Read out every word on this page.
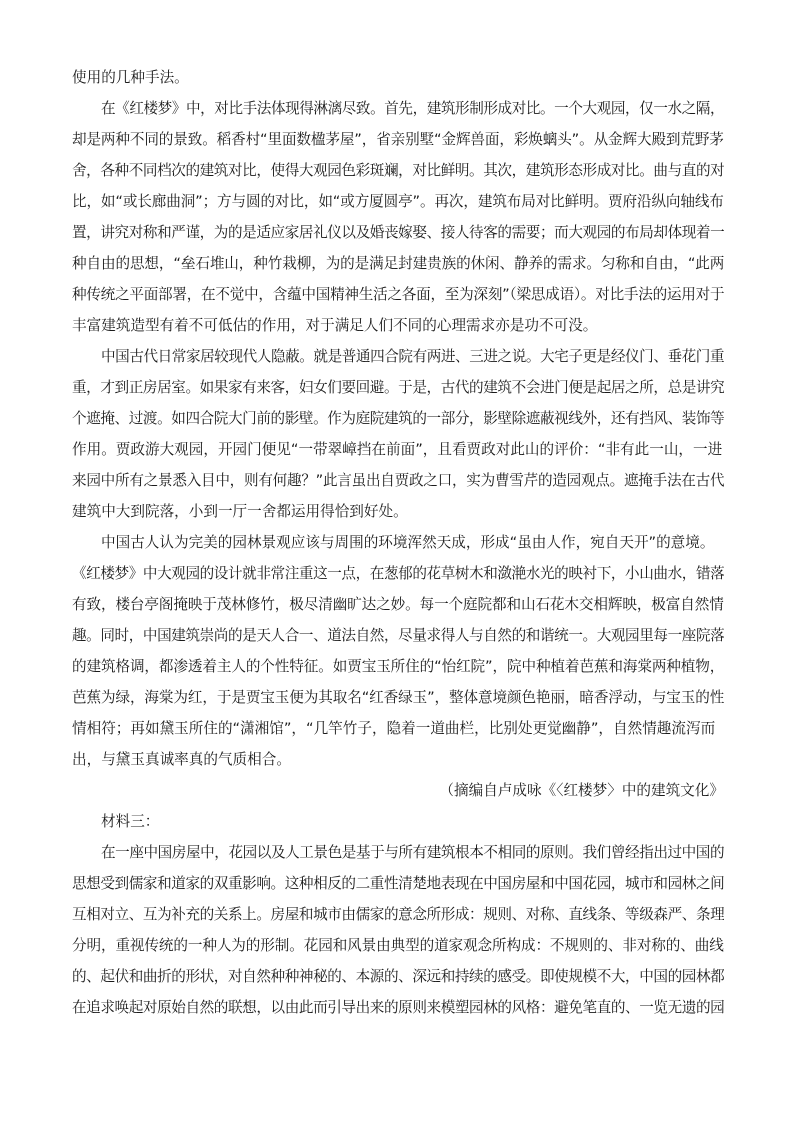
使用的几种手法。
在《红楼梦》中，对比手法体现得淋漓尽致。首先，建筑形制形成对比。一个大观园，仅一水之隔，
却是两种不同的景致。稻香村“里面数楹茅屋”，省亲别墅“金辉兽面，彩焕螭头”。从金辉大殿到荒野茅
舍，各种不同档次的建筑对比，使得大观园色彩斑斓，对比鲜明。其次，建筑形态形成对比。曲与直的对
比，如“或长廊曲洞”；方与圆的对比，如“或方厦圆亭”。再次，建筑布局对比鲜明。贾府沿纵向轴线布
置，讲究对称和严谨，为的是适应家居礼仪以及婚丧嫁娶、接人待客的需要；而大观园的布局却体现着一
种自由的思想，“垒石堆山，种竹栽柳，为的是满足封建贵族的休闲、静养的需求。匀称和自由，“此两
种传统之平面部署，在不觉中，含蕴中国精神生活之各面，至为深刻”（梁思成语）。对比手法的运用对于
丰富建筑造型有着不可低估的作用，对于满足人们不同的心理需求亦是功不可没。
中国古代日常家居较现代人隐蔽。就是普通四合院有两进、三进之说。大宅子更是经仪门、垂花门重
重，才到正房居室。如果家有来客，妇女们要回避。于是，古代的建筑不会进门便是起居之所，总是讲究
个遮掩、过渡。如四合院大门前的影壁。作为庭院建筑的一部分，影壁除遮蔽视线外，还有挡风、装饰等
作用。贾政游大观园，开园门便见“一带翠嶂挡在前面”，且看贾政对此山的评价：“非有此一山，一进
来园中所有之景悉入目中，则有何趣？”此言虽出自贾政之口，实为曹雪芹的造园观点。遮掩手法在古代
建筑中大到院落，小到一厅一舍都运用得恰到好处。
中国古人认为完美的园林景观应该与周围的环境浑然天成，形成“虽由人作，宛自天开”的意境。
《红楼梦》中大观园的设计就非常注重这一点，在葱郁的花草树木和潋滟水光的映衬下，小山曲水，错落
有致，楼台亭阁掩映于茂林修竹，极尽清幽旷达之妙。每一个庭院都和山石花木交相辉映，极富自然情
趣。同时，中国建筑崇尚的是天人合一、道法自然，尽量求得人与自然的和谐统一。大观园里每一座院落
的建筑格调，都渗透着主人的个性特征。如贾宝玉所住的“怡红院”，院中种植着芭蕉和海棠两种植物，
芭蕉为绿，海棠为红，于是贾宝玉便为其取名“红香绿玉”，整体意境颜色艳丽，暗香浮动，与宝玉的性
情相符；再如黛玉所住的“潇湘馆”，“几竿竹子，隐着一道曲栏，比别处更觉幽静”，自然情趣流泻而
出，与黛玉真诚率真的气质相合。
（摘编自卢成咏《〈红楼梦〉中的建筑文化》
材料三：
在一座中国房屋中，花园以及人工景色是基于与所有建筑根本不相同的原则。我们曾经指出过中国的
思想受到儒家和道家的双重影响。这种相反的二重性清楚地表现在中国房屋和中国花园，城市和园林之间
互相对立、互为补充的关系上。房屋和城市由儒家的意念所形成：规则、对称、直线条、等级森严、条理
分明，重视传统的一种人为的形制。花园和风景由典型的道家观念所构成：不规则的、非对称的、曲线
的、起伏和曲折的形状，对自然种种神秘的、本源的、深远和持续的感受。即使规模不大，中国的园林都
在追求唤起对原始自然的联想，以由此而引导出来的原则来模塑园林的风格：避免笔直的、一览无遗的园
